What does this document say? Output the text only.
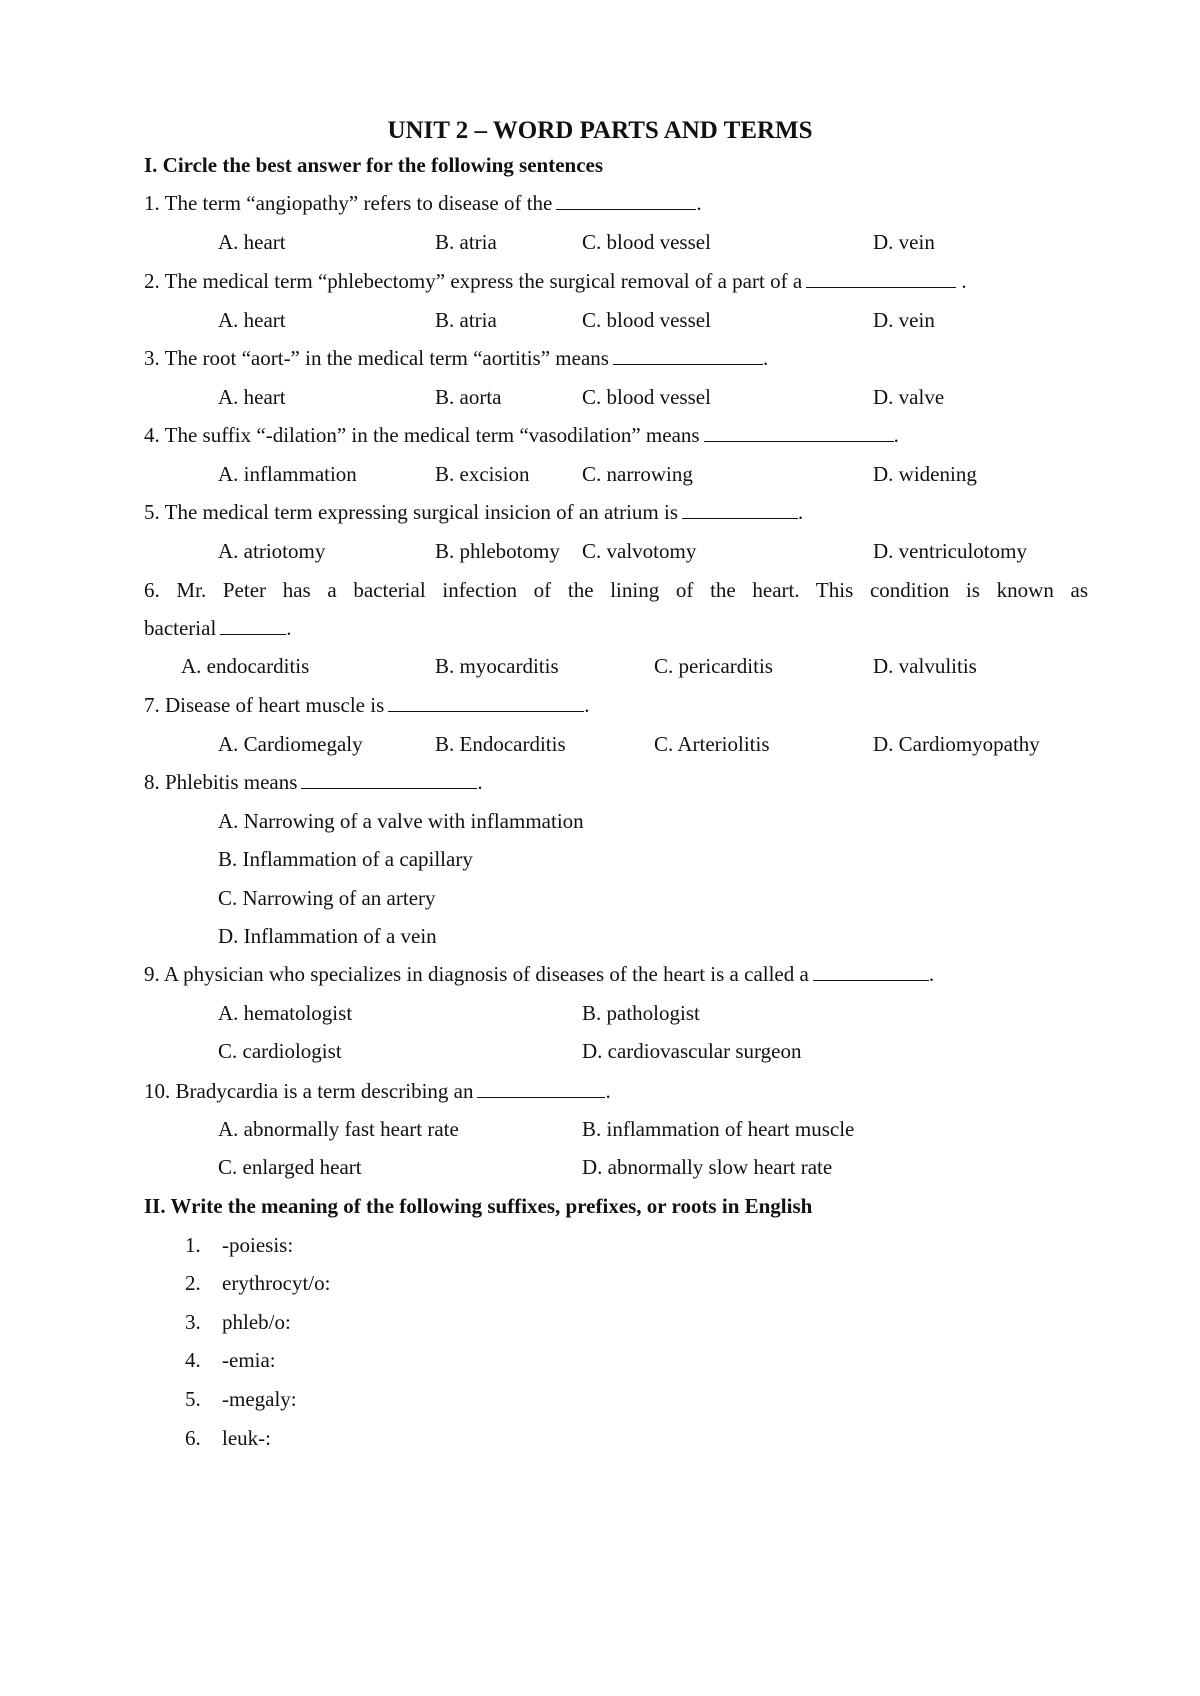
UNIT 2 – WORD PARTS AND TERMS
I. Circle the best answer for the following sentences
1. The term “angiopathy” refers to disease of the	.
A. heart	B. atria	C. blood vessel	D. vein
2. The medical term “phlebectomy” express the surgical removal of a part of a	.
A. heart	B. atria	C. blood vessel	D. vein
3. The root “aort-” in the medical term “aortitis” means	.
A. heart	B. aorta	C. blood vessel	D. valve
4. The suffix “-dilation” in the medical term “vasodilation” means	.
A. inflammation	B. excision	C. narrowing	D. widening
5. The medical term expressing surgical insicion of an atrium is	.
A. atriotomy	B. phlebotomy C. valvotomy	D. ventriculotomy
6. Mr. Peter has a bacterial infection of the lining of the heart. This condition is known as
bacterial	.
A. endocarditis	B. myocarditis	C. pericarditis	D. valvulitis
7. Disease of heart muscle is	.
A. Cardiomegaly	B. Endocarditis	C. Arteriolitis	D. Cardiomyopathy
8. Phlebitis means	.
A. Narrowing of a valve with inflammation
B. Inflammation of a capillary
C. Narrowing of an artery
D. Inflammation of a vein
9. A physician who specializes in diagnosis of diseases of the heart is a called a	.
A. hematologist	B. pathologist
C. cardiologist	D. cardiovascular surgeon
10. Bradycardia is a term describing an	.
A. abnormally fast heart rate	B. inflammation of heart muscle
C. enlarged heart	D. abnormally slow heart rate
II. Write the meaning of the following suffixes, prefixes, or roots in English
1. -poiesis:
2. erythrocyt/o:
3. phleb/o:
4. -emia:
5. -megaly:
6. leuk-:
